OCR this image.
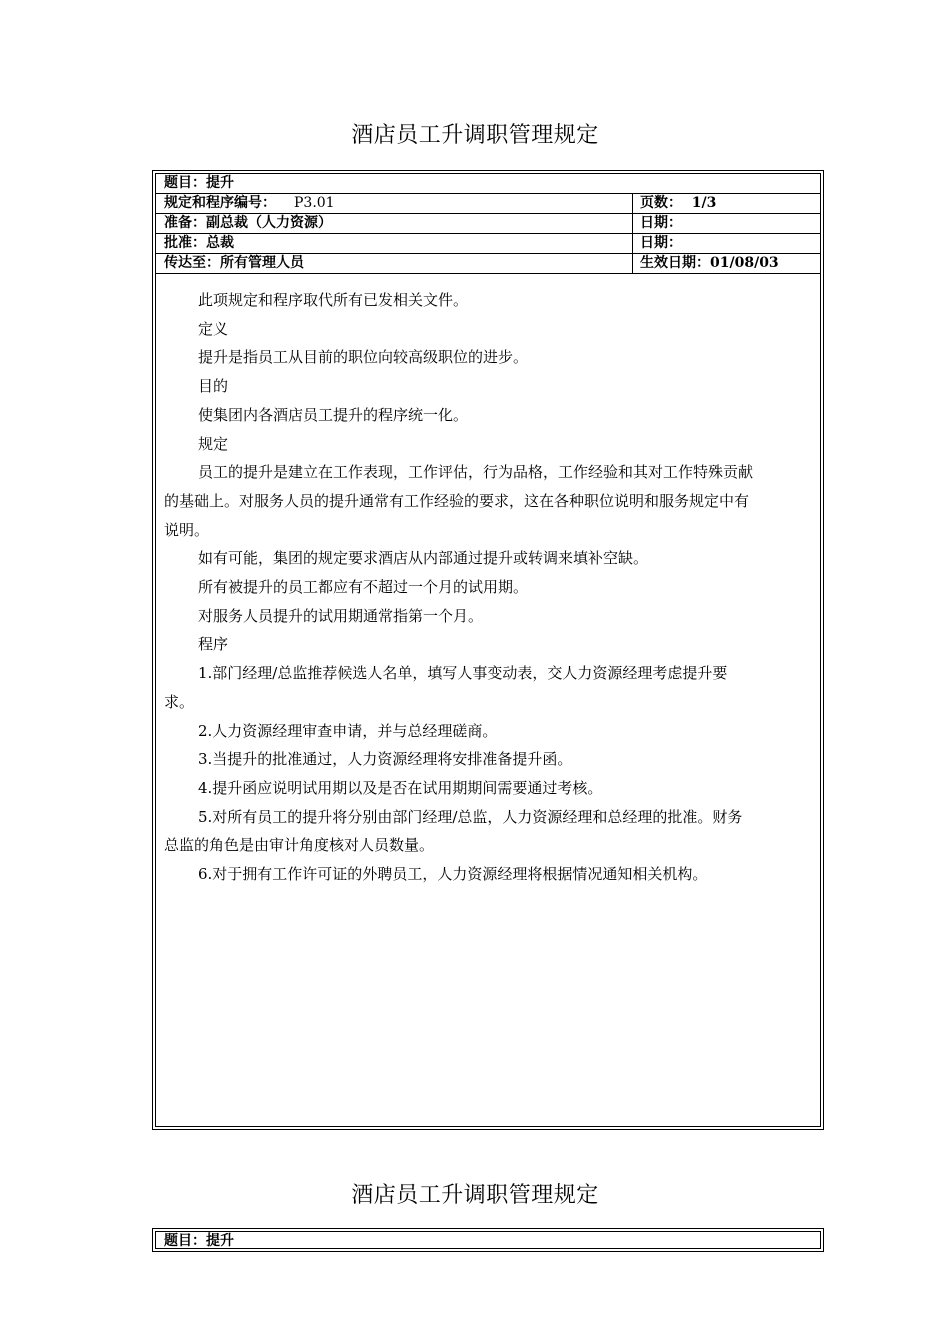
酒店员工升调职管理规定
题目：提升
规定和程序编号： P3.01	页数：  1/3
准备：副总裁（人力资源）	日期：
批准：总裁	日期：
传达至：所有管理人员	生效日期：01/08/03

此项规定和程序取代所有已发相关文件。

定义

提升是指员工从目前的职位向较高级职位的进步。

目的

使集团内各酒店员工提升的程序统一化。

规定

员工的提升是建立在工作表现，工作评估，行为品格，工作经验和其对工作特殊贡献

的基础上。对服务人员的提升通常有工作经验的要求，这在各种职位说明和服务规定中有

说明。

如有可能，集团的规定要求酒店从内部通过提升或转调来填补空缺。

所有被提升的员工都应有不超过一个月的试用期。

对服务人员提升的试用期通常指第一个月。

程序

1.部门经理/总监推荐候选人名单，填写人事变动表，交人力资源经理考虑提升要

求。

2.人力资源经理审查申请，并与总经理磋商。

3.当提升的批准通过，人力资源经理将安排准备提升函。

4.提升函应说明试用期以及是否在试用期期间需要通过考核。

5.对所有员工的提升将分别由部门经理/总监，人力资源经理和总经理的批准。财务

总监的角色是由审计角度核对人员数量。

6.对于拥有工作许可证的外聘员工，人力资源经理将根据情况通知相关机构。

酒店员工升调职管理规定
题目：提升
